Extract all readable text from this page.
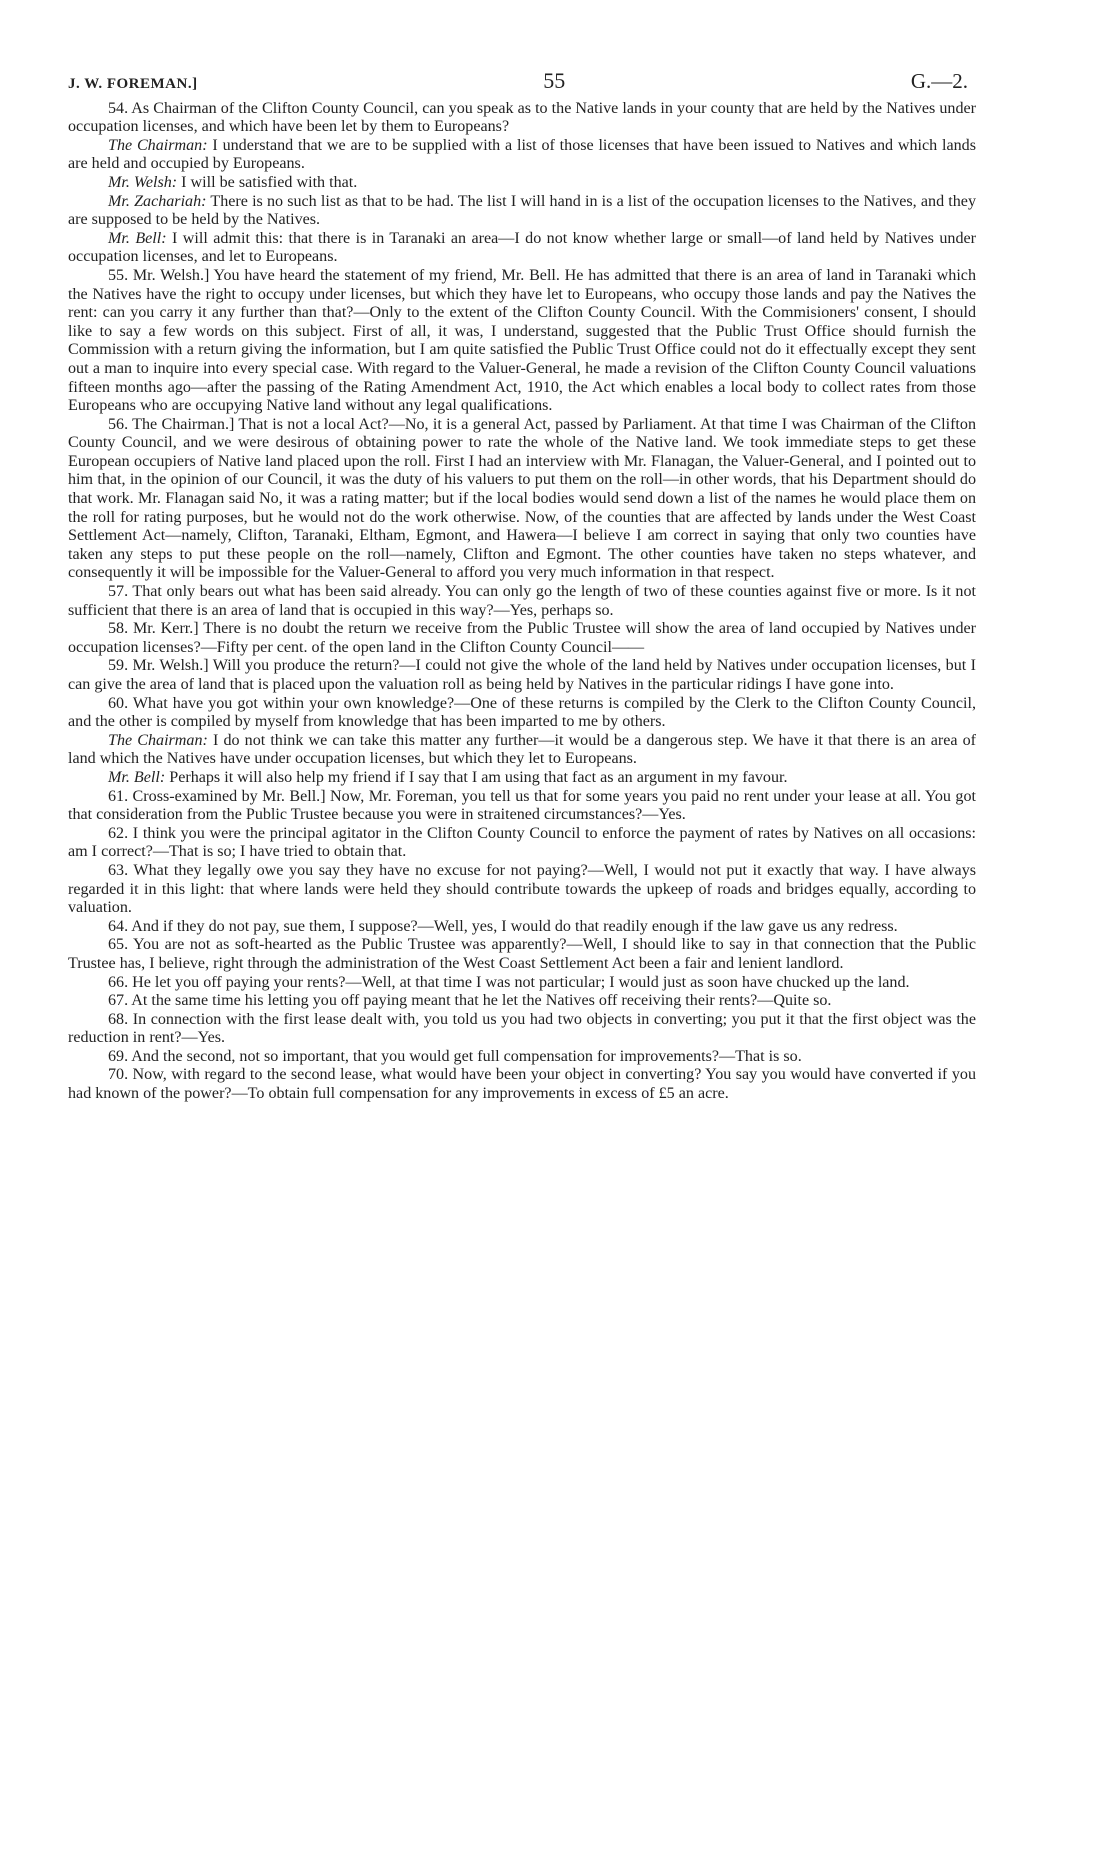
J. W. FOREMAN.]	55	G.—2.

54. As Chairman of the Clifton County Council, can you speak as to the Native lands in your county that are held by the Natives under occupation licenses, and which have been let by them to Europeans?

The Chairman: I understand that we are to be supplied with a list of those licenses that have been issued to Natives and which lands are held and occupied by Europeans.

Mr. Welsh: I will be satisfied with that.

Mr. Zachariah: There is no such list as that to be had. The list I will hand in is a list of the occupation licenses to the Natives, and they are supposed to be held by the Natives.

Mr. Bell: I will admit this: that there is in Taranaki an area—I do not know whether large or small—of land held by Natives under occupation licenses, and let to Europeans.

55. Mr. Welsh.] You have heard the statement of my friend, Mr. Bell. He has admitted that there is an area of land in Taranaki which the Natives have the right to occupy under licenses, but which they have let to Europeans, who occupy those lands and pay the Natives the rent: can you carry it any further than that?—Only to the extent of the Clifton County Council. With the Commisioners' consent, I should like to say a few words on this subject. First of all, it was, I understand, suggested that the Public Trust Office should furnish the Commission with a return giving the information, but I am quite satisfied the Public Trust Office could not do it effectually except they sent out a man to inquire into every special case. With regard to the Valuer-General, he made a revision of the Clifton County Council valuations fifteen months ago—after the passing of the Rating Amendment Act, 1910, the Act which enables a local body to collect rates from those Europeans who are occupying Native land without any legal qualifications.

56. The Chairman.] That is not a local Act?—No, it is a general Act, passed by Parliament. At that time I was Chairman of the Clifton County Council, and we were desirous of obtaining power to rate the whole of the Native land. We took immediate steps to get these European occupiers of Native land placed upon the roll. First I had an interview with Mr. Flanagan, the Valuer-General, and I pointed out to him that, in the opinion of our Council, it was the duty of his valuers to put them on the roll—in other words, that his Department should do that work. Mr. Flanagan said No, it was a rating matter; but if the local bodies would send down a list of the names he would place them on the roll for rating purposes, but he would not do the work otherwise. Now, of the counties that are affected by lands under the West Coast Settlement Act—namely, Clifton, Taranaki, Eltham, Egmont, and Hawera—I believe I am correct in saying that only two counties have taken any steps to put these people on the roll—namely, Clifton and Egmont. The other counties have taken no steps whatever, and consequently it will be impossible for the Valuer-General to afford you very much information in that respect.

57. That only bears out what has been said already. You can only go the length of two of these counties against five or more. Is it not sufficient that there is an area of land that is occupied in this way?—Yes, perhaps so.

58. Mr. Kerr.] There is no doubt the return we receive from the Public Trustee will show the area of land occupied by Natives under occupation licenses?—Fifty per cent. of the open land in the Clifton County Council——

59. Mr. Welsh.] Will you produce the return?—I could not give the whole of the land held by Natives under occupation licenses, but I can give the area of land that is placed upon the valuation roll as being held by Natives in the particular ridings I have gone into.

60. What have you got within your own knowledge?—One of these returns is compiled by the Clerk to the Clifton County Council, and the other is compiled by myself from knowledge that has been imparted to me by others.

The Chairman: I do not think we can take this matter any further—it would be a dangerous step. We have it that there is an area of land which the Natives have under occupation licenses, but which they let to Europeans.

Mr. Bell: Perhaps it will also help my friend if I say that I am using that fact as an argument in my favour.

61. Cross-examined by Mr. Bell.] Now, Mr. Foreman, you tell us that for some years you paid no rent under your lease at all. You got that consideration from the Public Trustee because you were in straitened circumstances?—Yes.

62. I think you were the principal agitator in the Clifton County Council to enforce the payment of rates by Natives on all occasions: am I correct?—That is so; I have tried to obtain that.

63. What they legally owe you say they have no excuse for not paying?—Well, I would not put it exactly that way. I have always regarded it in this light: that where lands were held they should contribute towards the upkeep of roads and bridges equally, according to valuation.

64. And if they do not pay, sue them, I suppose?—Well, yes, I would do that readily enough if the law gave us any redress.

65. You are not as soft-hearted as the Public Trustee was apparently?—Well, I should like to say in that connection that the Public Trustee has, I believe, right through the administration of the West Coast Settlement Act been a fair and lenient landlord.

66. He let you off paying your rents?—Well, at that time I was not particular; I would just as soon have chucked up the land.

67. At the same time his letting you off paying meant that he let the Natives off receiving their rents?—Quite so.

68. In connection with the first lease dealt with, you told us you had two objects in converting; you put it that the first object was the reduction in rent?—Yes.

69. And the second, not so important, that you would get full compensation for improvements?—That is so.

70. Now, with regard to the second lease, what would have been your object in converting? You say you would have converted if you had known of the power?—To obtain full compensation for any improvements in excess of £5 an acre.
